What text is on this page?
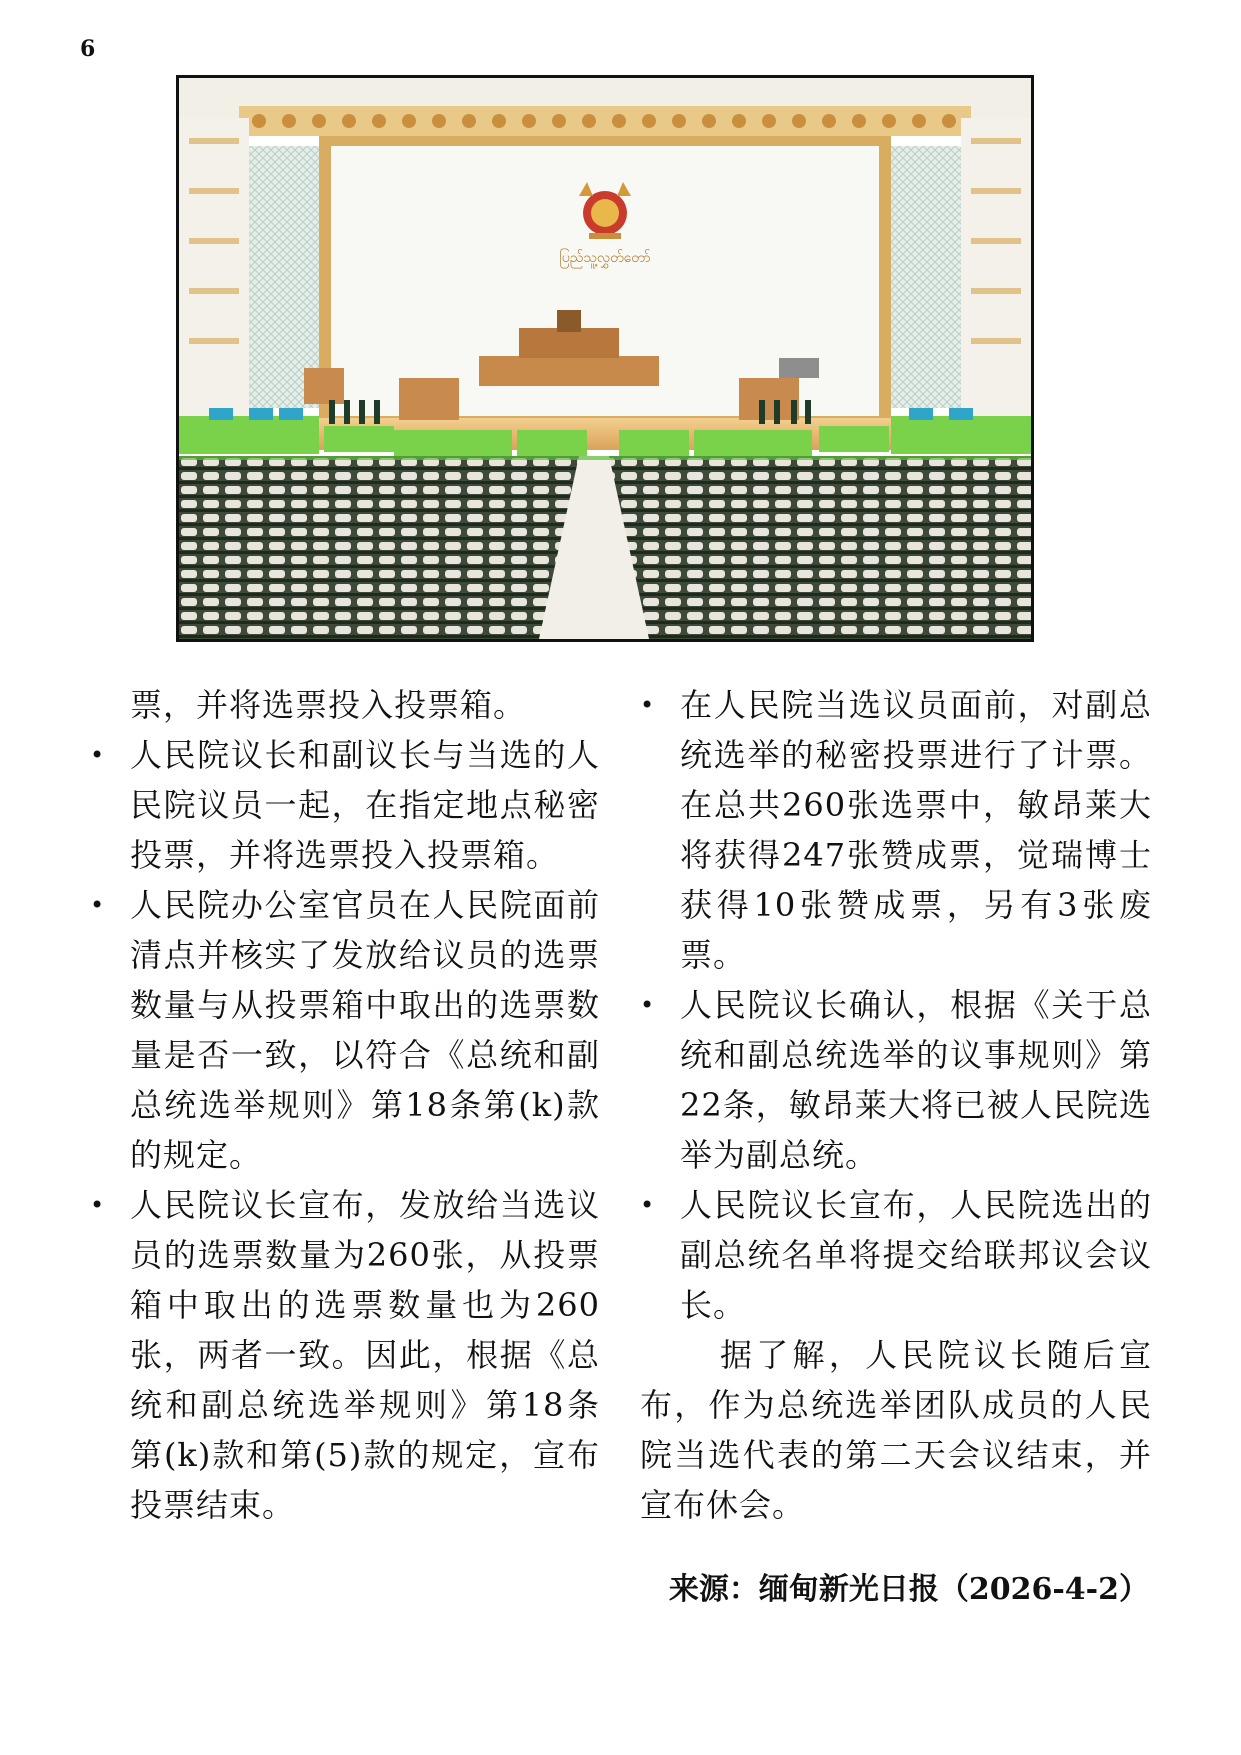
6
ပြည်သူ့လွှတ်တော်

票，并将选票投入投票箱。

• 人民院议长和副议长与当选的人民院议员一起，在指定地点秘密投票，并将选票投入投票箱。

• 人民院办公室官员在人民院面前清点并核实了发放给议员的选票数量与从投票箱中取出的选票数量是否一致，以符合《总统和副总统选举规则》第18条第(k)款的规定。

• 人民院议长宣布，发放给当选议员的选票数量为260张，从投票箱中取出的选票数量也为260张，两者一致。因此，根据《总统和副总统选举规则》第18条第(k)款和第(5)款的规定，宣布投票结束。

• 在人民院当选议员面前，对副总统选举的秘密投票进行了计票。在总共260张选票中，敏昂莱大将获得247张赞成票，觉瑞博士获得10张赞成票，另有3张废票。

• 人民院议长确认，根据《关于总统和副总统选举的议事规则》第22条，敏昂莱大将已被人民院选举为副总统。

• 人民院议长宣布，人民院选出的副总统名单将提交给联邦议会议长。

据了解，人民院议长随后宣布，作为总统选举团队成员的人民院当选代表的第二天会议结束，并宣布休会。

来源：缅甸新光日报（2026-4-2）
